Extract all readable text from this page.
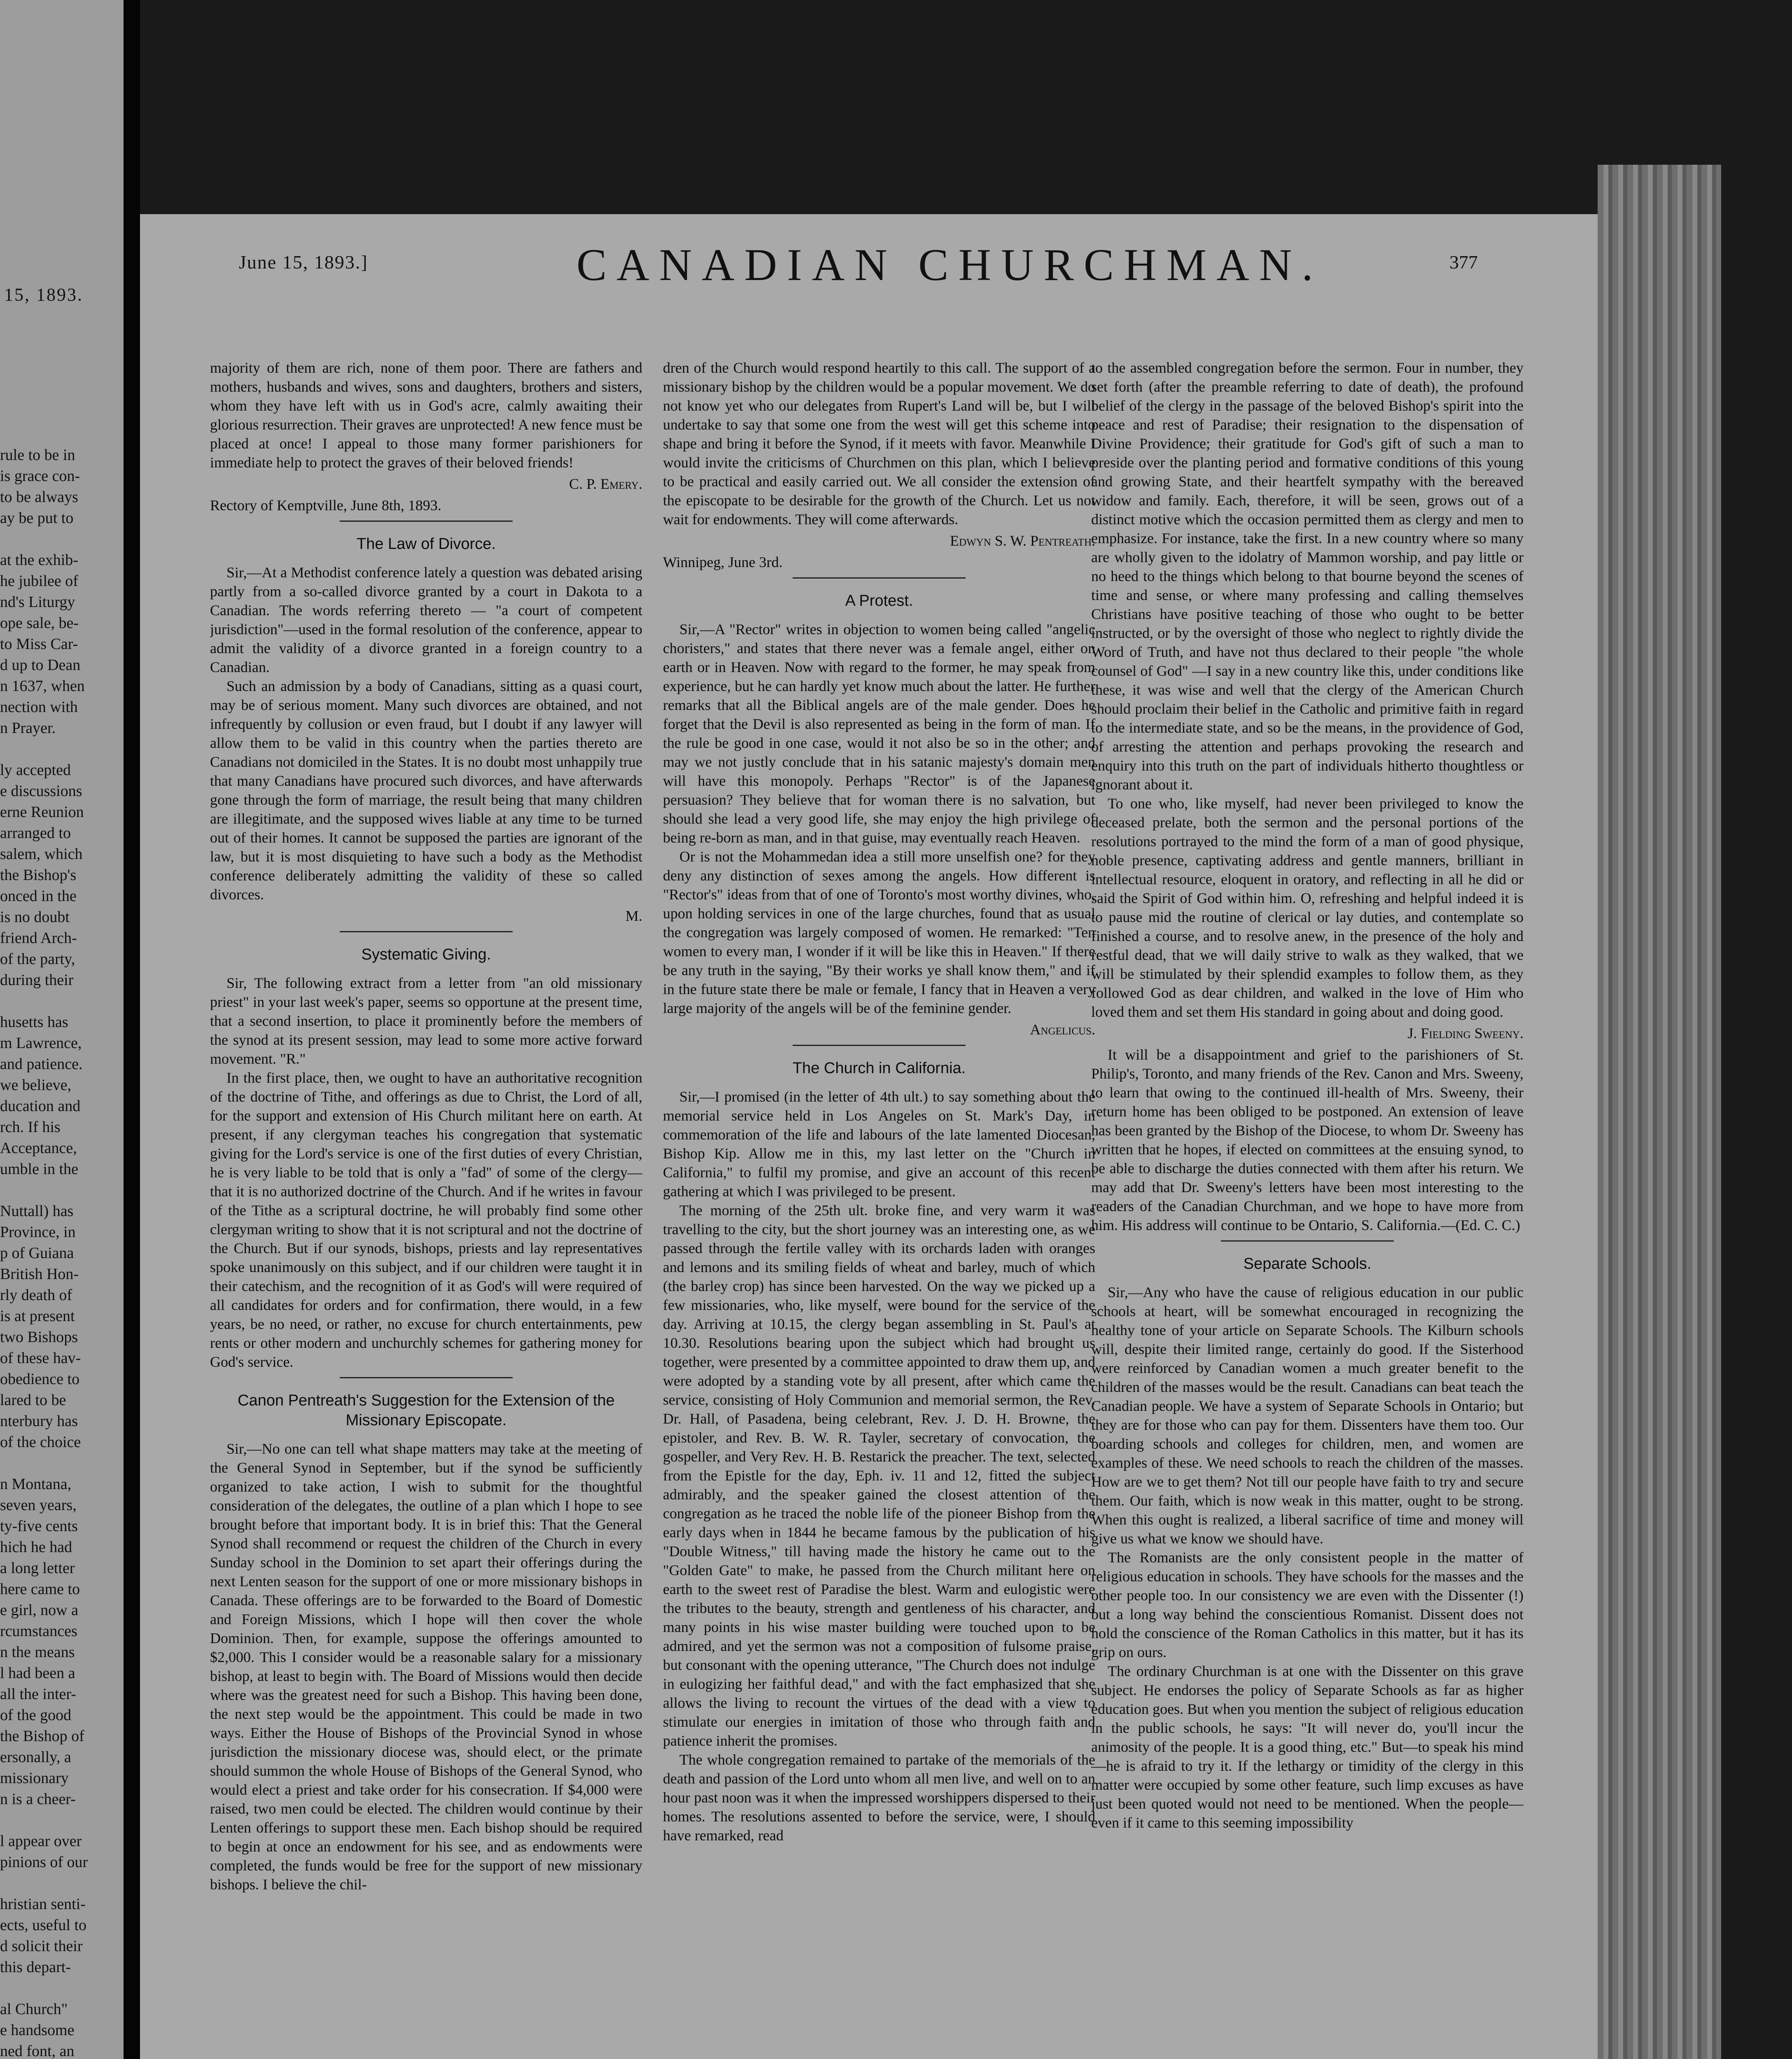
15, 1893.
rule to be in
is grace con-
to be always
ay be put to
at the exhib-
he jubilee of
nd's Liturgy
ope sale, be-
to Miss Car-
d up to Dean
n 1637, when
nection with
n Prayer.
ly accepted
e discussions
erne Reunion
arranged to
salem, which
the Bishop's
onced in the
is no doubt
friend Arch-
of the party,
during their
husetts has
m Lawrence,
and patience.
we believe,
ducation and
rch. If his
Acceptance,
umble in the
Nuttall) has
Province, in
p of Guiana
British Hon-
rly death of
is at present
two Bishops
of these hav-
obedience to
lared to be
nterbury has
of the choice
n Montana,
seven years,
ty-five cents
hich he had
a long letter
here came to
e girl, now a
rcumstances
n the means
l had been a
all the inter-
of the good
the Bishop of
ersonally, a
missionary
n is a cheer-
l appear over
pinions of our
hristian senti-
ects, useful to
d solicit their
this depart-
al Church"
e handsome
ned font, an
June 15, 1893.]	CANADIAN CHURCHMAN.	377

majority of them are rich, none of them poor. There are fathers and mothers, husbands and wives, sons and daughters, brothers and sisters, whom they have left with us in God's acre, calmly awaiting their glorious resurrection. Their graves are unprotected! A new fence must be placed at once! I appeal to those many former parishioners for immediate help to protect the graves of their beloved friends!

C. P. Emery.

Rectory of Kemptville, June 8th, 1893.

The Law of Divorce.

Sir,—At a Methodist conference lately a question was debated arising partly from a so-called divorce granted by a court in Dakota to a Canadian. The words referring thereto — "a court of competent jurisdiction"—used in the formal resolution of the conference, appear to admit the validity of a divorce granted in a foreign country to a Canadian.

Such an admission by a body of Canadians, sitting as a quasi court, may be of serious moment. Many such divorces are obtained, and not infrequently by collusion or even fraud, but I doubt if any lawyer will allow them to be valid in this country when the parties thereto are Canadians not domiciled in the States. It is no doubt most unhappily true that many Canadians have procured such divorces, and have afterwards gone through the form of marriage, the result being that many children are illegitimate, and the supposed wives liable at any time to be turned out of their homes. It cannot be supposed the parties are ignorant of the law, but it is most disquieting to have such a body as the Methodist conference deliberately admitting the validity of these so called divorces.

M.

Systematic Giving.

Sir, The following extract from a letter from "an old missionary priest" in your last week's paper, seems so opportune at the present time, that a second insertion, to place it prominently before the members of the synod at its present session, may lead to some more active forward movement. "R."

In the first place, then, we ought to have an authoritative recognition of the doctrine of Tithe, and offerings as due to Christ, the Lord of all, for the support and extension of His Church militant here on earth. At present, if any clergyman teaches his congregation that systematic giving for the Lord's service is one of the first duties of every Christian, he is very liable to be told that is only a "fad" of some of the clergy—that it is no authorized doctrine of the Church. And if he writes in favour of the Tithe as a scriptural doctrine, he will probably find some other clergyman writing to show that it is not scriptural and not the doctrine of the Church. But if our synods, bishops, priests and lay representatives spoke unanimously on this subject, and if our children were taught it in their catechism, and the recognition of it as God's will were required of all candidates for orders and for confirmation, there would, in a few years, be no need, or rather, no excuse for church entertainments, pew rents or other modern and unchurchly schemes for gathering money for God's service.

Canon Pentreath's Suggestion for the Extension of the Missionary Episcopate.

Sir,—No one can tell what shape matters may take at the meeting of the General Synod in September, but if the synod be sufficiently organized to take action, I wish to submit for the thoughtful consideration of the delegates, the outline of a plan which I hope to see brought before that important body. It is in brief this: That the General Synod shall recommend or request the children of the Church in every Sunday school in the Dominion to set apart their offerings during the next Lenten season for the support of one or more missionary bishops in Canada. These offerings are to be forwarded to the Board of Domestic and Foreign Missions, which I hope will then cover the whole Dominion. Then, for example, suppose the offerings amounted to $2,000. This I consider would be a reasonable salary for a missionary bishop, at least to begin with. The Board of Missions would then decide where was the greatest need for such a Bishop. This having been done, the next step would be the appointment. This could be made in two ways. Either the House of Bishops of the Provincial Synod in whose jurisdiction the missionary diocese was, should elect, or the primate should summon the whole House of Bishops of the General Synod, who would elect a priest and take order for his consecration. If $4,000 were raised, two men could be elected. The children would continue by their Lenten offerings to support these men. Each bishop should be required to begin at once an endowment for his see, and as endowments were completed, the funds would be free for the support of new missionary bishops. I believe the chil-

dren of the Church would respond heartily to this call. The support of a missionary bishop by the children would be a popular movement. We do not know yet who our delegates from Rupert's Land will be, but I will undertake to say that some one from the west will get this scheme into shape and bring it before the Synod, if it meets with favor. Meanwhile I would invite the criticisms of Churchmen on this plan, which I believe to be practical and easily carried out. We all consider the extension of the episcopate to be desirable for the growth of the Church. Let us not wait for endowments. They will come afterwards.

Edwyn S. W. Pentreath.

Winnipeg, June 3rd.

A Protest.

Sir,—A "Rector" writes in objection to women being called "angelic choristers," and states that there never was a female angel, either on earth or in Heaven. Now with regard to the former, he may speak from experience, but he can hardly yet know much about the latter. He further remarks that all the Biblical angels are of the male gender. Does he forget that the Devil is also represented as being in the form of man. If the rule be good in one case, would it not also be so in the other; and may we not justly conclude that in his satanic majesty's domain men will have this monopoly. Perhaps "Rector" is of the Japanese persuasion? They believe that for woman there is no salvation, but should she lead a very good life, she may enjoy the high privilege of being re-born as man, and in that guise, may eventually reach Heaven.

Or is not the Mohammedan idea a still more unselfish one? for they deny any distinction of sexes among the angels. How different is "Rector's" ideas from that of one of Toronto's most worthy divines, who, upon holding services in one of the large churches, found that as usual the congregation was largely composed of women. He remarked: "Ten women to every man, I wonder if it will be like this in Heaven." If there be any truth in the saying, "By their works ye shall know them," and if in the future state there be male or female, I fancy that in Heaven a very large majority of the angels will be of the feminine gender.

Angelicus.

The Church in California.

Sir,—I promised (in the letter of 4th ult.) to say something about the memorial service held in Los Angeles on St. Mark's Day, in commemoration of the life and labours of the late lamented Diocesan, Bishop Kip. Allow me in this, my last letter on the "Church in California," to fulfil my promise, and give an account of this recent gathering at which I was privileged to be present.

The morning of the 25th ult. broke fine, and very warm it was travelling to the city, but the short journey was an interesting one, as we passed through the fertile valley with its orchards laden with oranges and lemons and its smiling fields of wheat and barley, much of which (the barley crop) has since been harvested. On the way we picked up a few missionaries, who, like myself, were bound for the service of the day. Arriving at 10.15, the clergy began assembling in St. Paul's at 10.30. Resolutions bearing upon the subject which had brought us together, were presented by a committee appointed to draw them up, and were adopted by a standing vote by all present, after which came the service, consisting of Holy Communion and memorial sermon, the Rev. Dr. Hall, of Pasadena, being celebrant, Rev. J. D. H. Browne, the epistoler, and Rev. B. W. R. Tayler, secretary of convocation, the gospeller, and Very Rev. H. B. Restarick the preacher. The text, selected from the Epistle for the day, Eph. iv. 11 and 12, fitted the subject admirably, and the speaker gained the closest attention of the congregation as he traced the noble life of the pioneer Bishop from the early days when in 1844 he became famous by the publication of his "Double Witness," till having made the history he came out to the "Golden Gate" to make, he passed from the Church militant here on earth to the sweet rest of Paradise the blest. Warm and eulogistic were the tributes to the beauty, strength and gentleness of his character, and many points in his wise master building were touched upon to be admired, and yet the sermon was not a composition of fulsome praise, but consonant with the opening utterance, "The Church does not indulge in eulogizing her faithful dead," and with the fact emphasized that she allows the living to recount the virtues of the dead with a view to stimulate our energies in imitation of those who through faith and patience inherit the promises.

The whole congregation remained to partake of the memorials of the death and passion of the Lord unto whom all men live, and well on to an hour past noon was it when the impressed worshippers dispersed to their homes. The resolutions assented to before the service, were, I should have remarked, read

to the assembled congregation before the sermon. Four in number, they set forth (after the preamble referring to date of death), the profound belief of the clergy in the passage of the beloved Bishop's spirit into the peace and rest of Paradise; their resignation to the dispensation of Divine Providence; their gratitude for God's gift of such a man to preside over the planting period and formative conditions of this young and growing State, and their heartfelt sympathy with the bereaved widow and family. Each, therefore, it will be seen, grows out of a distinct motive which the occasion permitted them as clergy and men to emphasize. For instance, take the first. In a new country where so many are wholly given to the idolatry of Mammon worship, and pay little or no heed to the things which belong to that bourne beyond the scenes of time and sense, or where many professing and calling themselves Christians have positive teaching of those who ought to be better instructed, or by the oversight of those who neglect to rightly divide the Word of Truth, and have not thus declared to their people "the whole counsel of God" —I say in a new country like this, under conditions like these, it was wise and well that the clergy of the American Church should proclaim their belief in the Catholic and primitive faith in regard to the intermediate state, and so be the means, in the providence of God, of arresting the attention and perhaps provoking the research and enquiry into this truth on the part of individuals hitherto thoughtless or ignorant about it.

To one who, like myself, had never been privileged to know the deceased prelate, both the sermon and the personal portions of the resolutions portrayed to the mind the form of a man of good physique, noble presence, captivating address and gentle manners, brilliant in intellectual resource, eloquent in oratory, and reflecting in all he did or said the Spirit of God within him. O, refreshing and helpful indeed it is to pause mid the routine of clerical or lay duties, and contemplate so finished a course, and to resolve anew, in the presence of the holy and restful dead, that we will daily strive to walk as they walked, that we will be stimulated by their splendid examples to follow them, as they followed God as dear children, and walked in the love of Him who loved them and set them His standard in going about and doing good.

J. Fielding Sweeny.

It will be a disappointment and grief to the parishioners of St. Philip's, Toronto, and many friends of the Rev. Canon and Mrs. Sweeny, to learn that owing to the continued ill-health of Mrs. Sweeny, their return home has been obliged to be postponed. An extension of leave has been granted by the Bishop of the Diocese, to whom Dr. Sweeny has written that he hopes, if elected on committees at the ensuing synod, to be able to discharge the duties connected with them after his return. We may add that Dr. Sweeny's letters have been most interesting to the readers of the Canadian Churchman, and we hope to have more from him. His address will continue to be Ontario, S. California.—(Ed. C. C.)

Separate Schools.

Sir,—Any who have the cause of religious education in our public schools at heart, will be somewhat encouraged in recognizing the healthy tone of your article on Separate Schools. The Kilburn schools will, despite their limited range, certainly do good. If the Sisterhood were reinforced by Canadian women a much greater benefit to the children of the masses would be the result. Canadians can beat teach the Canadian people. We have a system of Separate Schools in Ontario; but they are for those who can pay for them. Dissenters have them too. Our boarding schools and colleges for children, men, and women are examples of these. We need schools to reach the children of the masses. How are we to get them? Not till our people have faith to try and secure them. Our faith, which is now weak in this matter, ought to be strong. When this ought is realized, a liberal sacrifice of time and money will give us what we know we should have.

The Romanists are the only consistent people in the matter of religious education in schools. They have schools for the masses and the other people too. In our consistency we are even with the Dissenter (!) but a long way behind the conscientious Romanist. Dissent does not hold the conscience of the Roman Catholics in this matter, but it has its grip on ours.

The ordinary Churchman is at one with the Dissenter on this grave subject. He endorses the policy of Separate Schools as far as higher education goes. But when you mention the subject of religious education in the public schools, he says: "It will never do, you'll incur the animosity of the people. It is a good thing, etc." But—to speak his mind—he is afraid to try it. If the lethargy or timidity of the clergy in this matter were occupied by some other feature, such limp excuses as have just been quoted would not need to be mentioned. When the people—even if it came to this seeming impossibility
